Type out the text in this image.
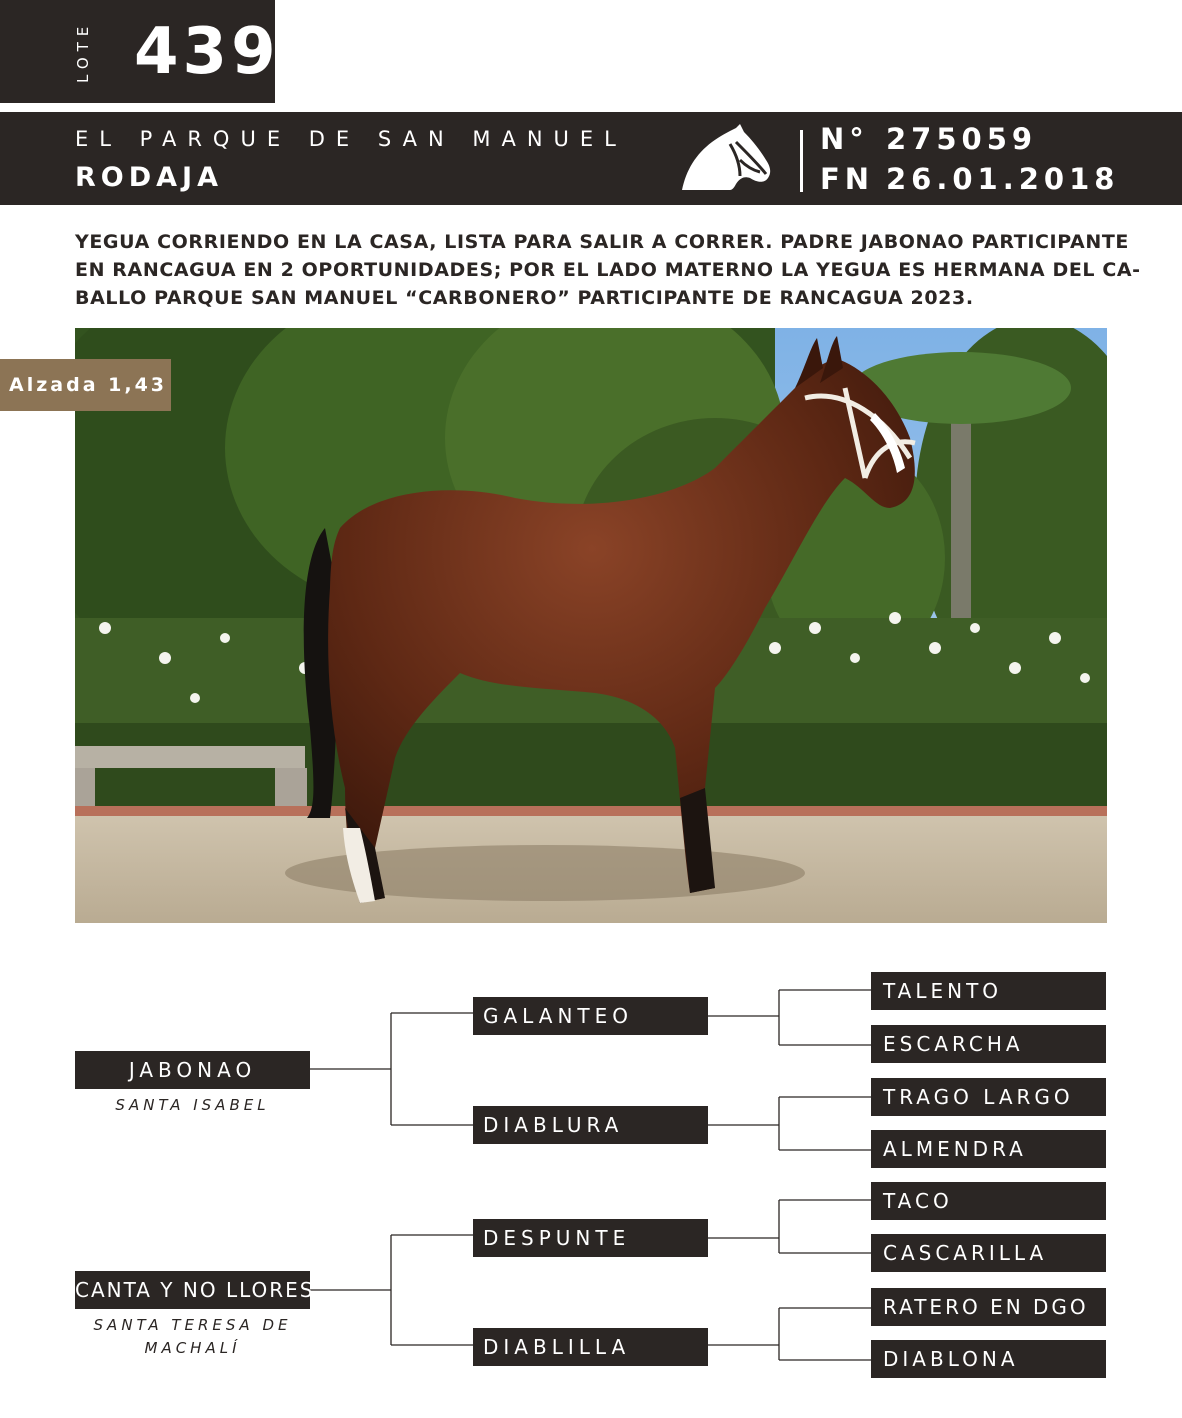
LOTE 439
EL PARQUE DE SAN MANUEL
RODAJA
N° 275059
FN 26.01.2018

YEGUA CORRIENDO EN LA CASA, LISTA PARA SALIR A CORRER. PADRE JABONAO PARTICIPANTE

EN RANCAGUA EN 2 OPORTUNIDADES; POR EL LADO MATERNO LA YEGUA ES HERMANA DEL CA-

BALLO PARQUE SAN MANUEL “CARBONERO” PARTICIPANTE DE RANCAGUA 2023.

Alzada 1,43
JABONAO
SANTA ISABEL
CANTA Y NO LLORES
SANTA TERESA DE
MACHALÍ
GALANTEO
DIABLURA
DESPUNTE
DIABLILLA
TALENTO
ESCARCHA
TRAGO LARGO
ALMENDRA
TACO
CASCARILLA
RATERO EN DGO
DIABLONA
